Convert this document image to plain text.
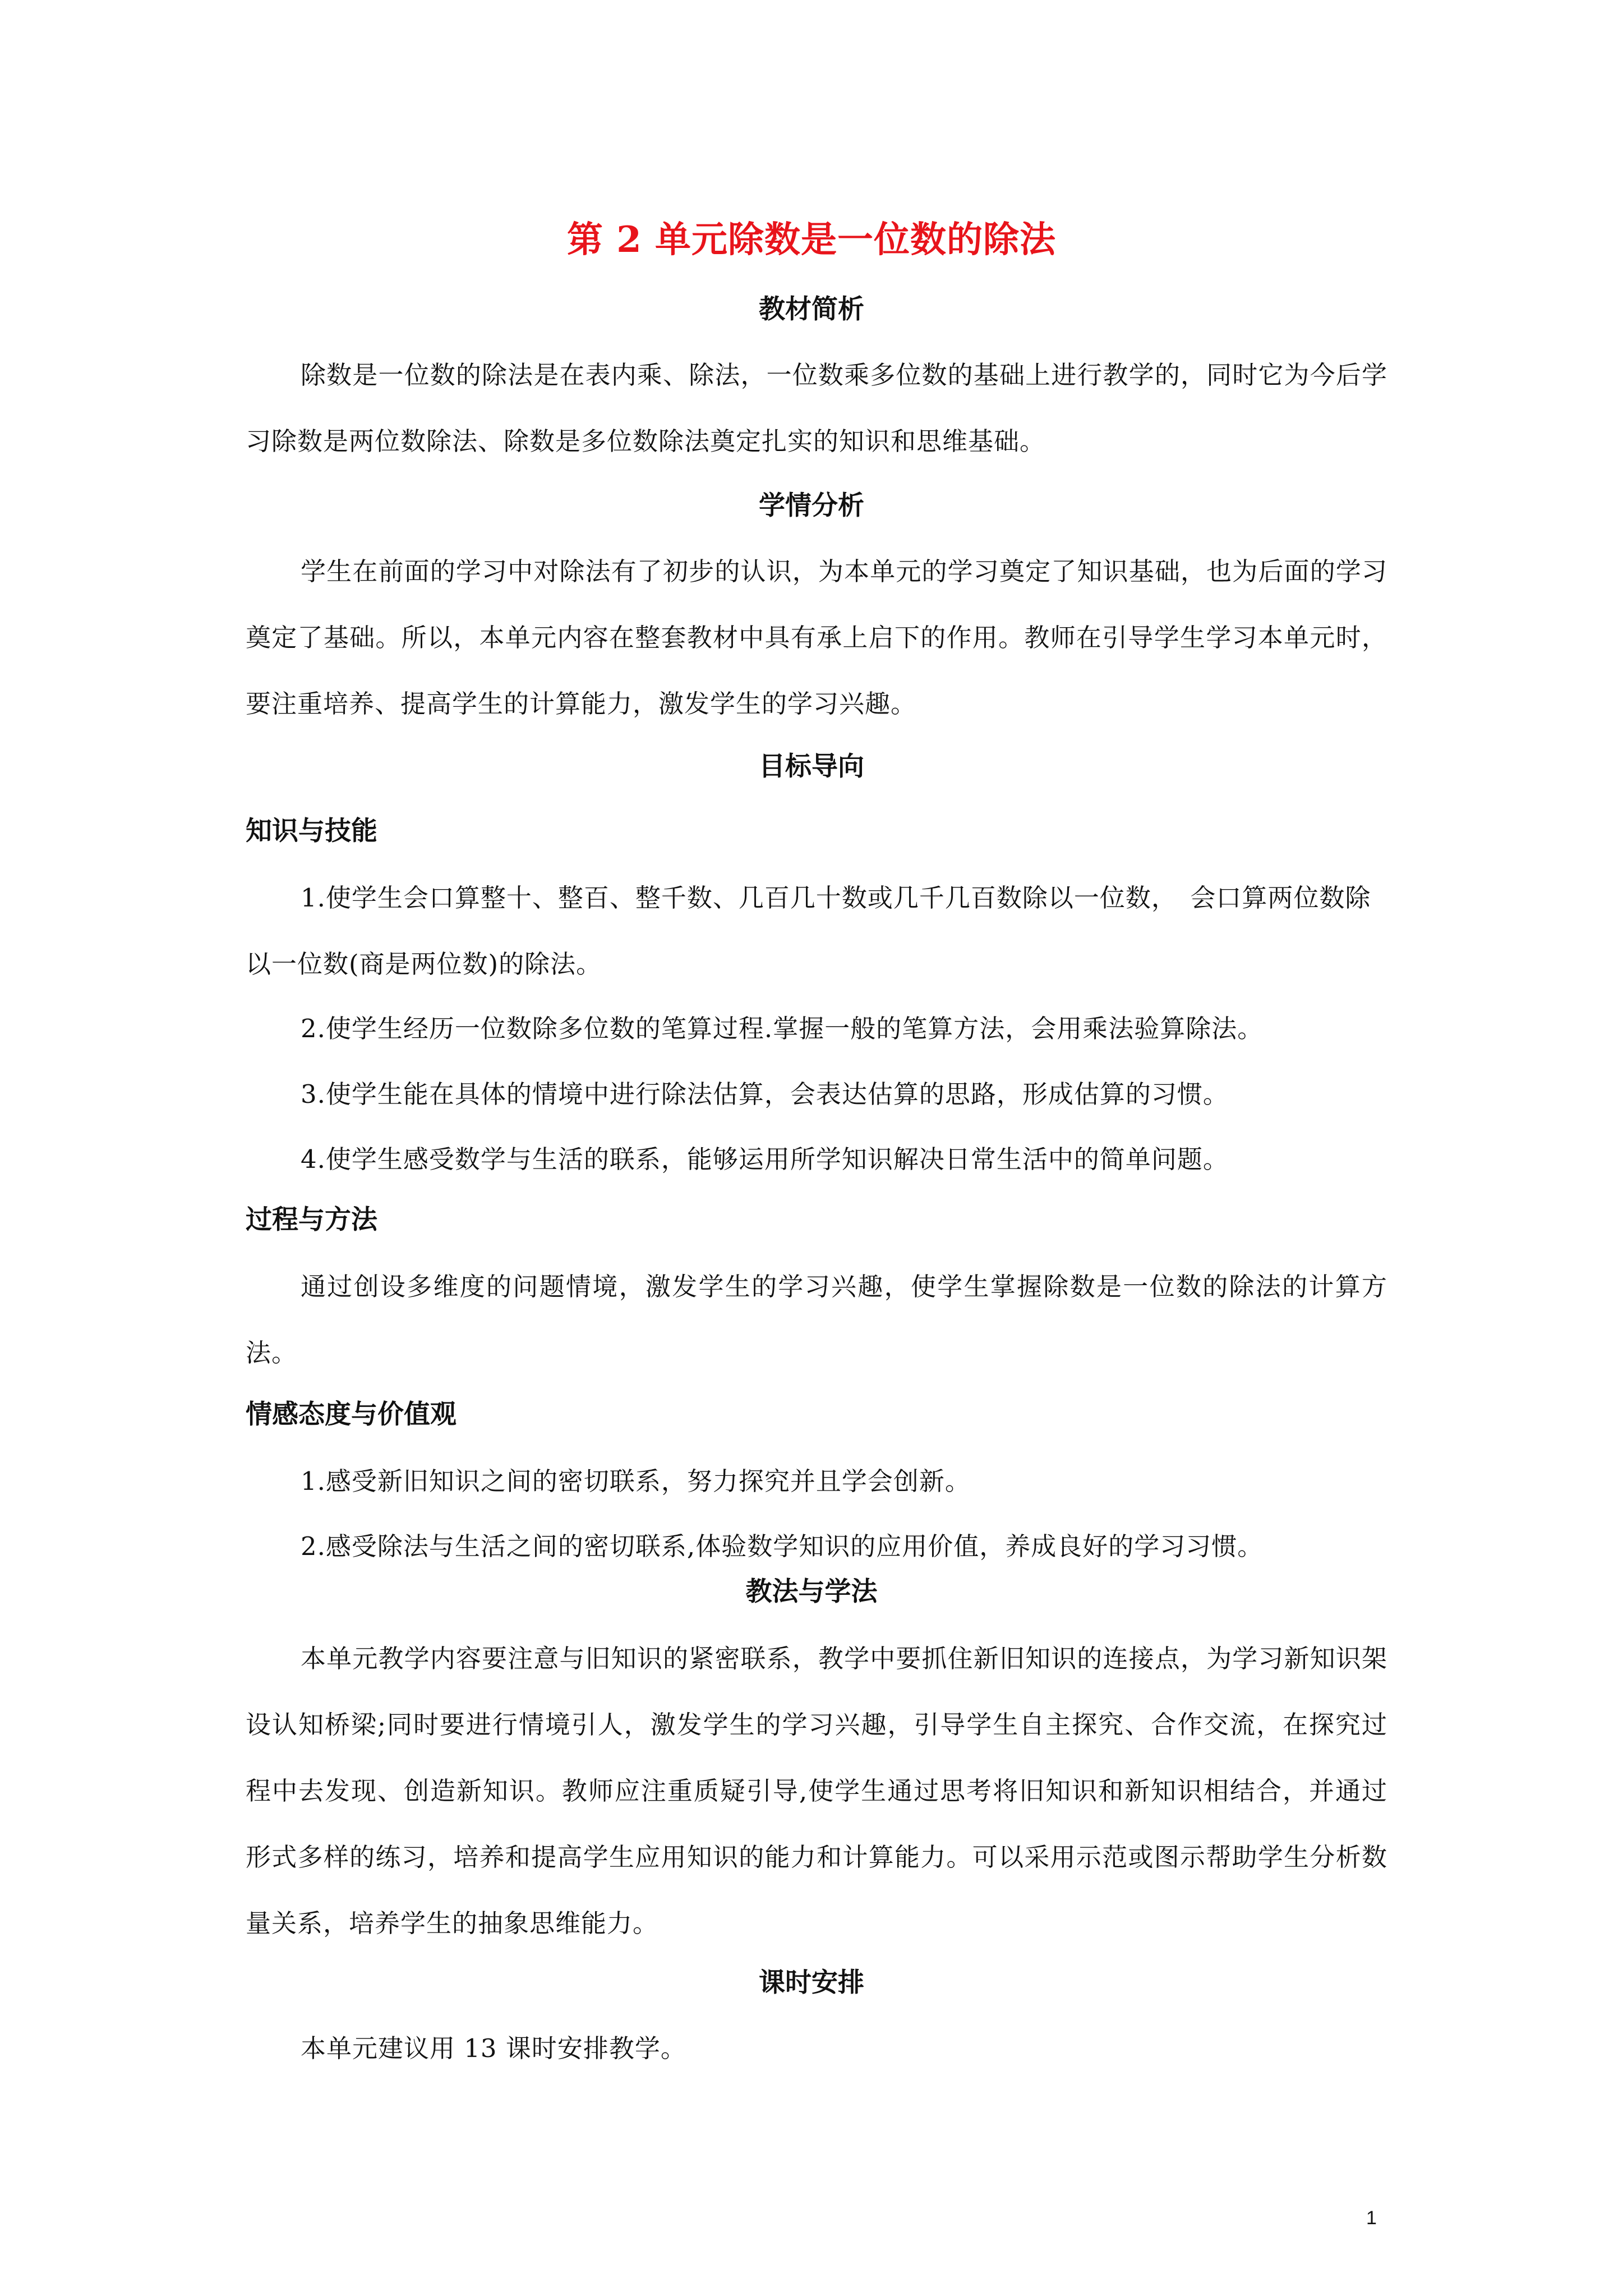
第 2 单元除数是一位数的除法
教材简析

除数是一位数的除法是在表内乘、除法，一位数乘多位数的基础上进行教学的，同时它为今后学习除数是两位数除法、除数是多位数除法奠定扎实的知识和思维基础。

学情分析

学生在前面的学习中对除法有了初步的认识，为本单元的学习奠定了知识基础，也为后面的学习奠定了基础。所以，本单元内容在整套教材中具有承上启下的作用。教师在引导学生学习本单元时，要注重培养、提高学生的计算能力，激发学生的学习兴趣。

目标导向
知识与技能

1.使学生会口算整十、整百、整千数、几百几十数或几千几百数除以一位数，　会口算两位数除以一位数(商是两位数)的除法。

2.使学生经历一位数除多位数的笔算过程.掌握一般的笔算方法，会用乘法验算除法。

3.使学生能在具体的情境中进行除法估算，会表达估算的思路，形成估算的习惯。

4.使学生感受数学与生活的联系，能够运用所学知识解决日常生活中的简单问题。

过程与方法

通过创设多维度的问题情境，激发学生的学习兴趣，使学生掌握除数是一位数的除法的计算方法。

情感态度与价值观

1.感受新旧知识之间的密切联系，努力探究并且学会创新。

2.感受除法与生活之间的密切联系,体验数学知识的应用价值，养成良好的学习习惯。

教法与学法

本单元教学内容要注意与旧知识的紧密联系，教学中要抓住新旧知识的连接点，为学习新知识架设认知桥梁;同时要进行情境引人，激发学生的学习兴趣，引导学生自主探究、合作交流，在探究过程中去发现、创造新知识。教师应注重质疑引导,使学生通过思考将旧知识和新知识相结合，并通过形式多样的练习，培养和提高学生应用知识的能力和计算能力。可以采用示范或图示帮助学生分析数量关系，培养学生的抽象思维能力。

课时安排

本单元建议用 13 课时安排教学。

1
